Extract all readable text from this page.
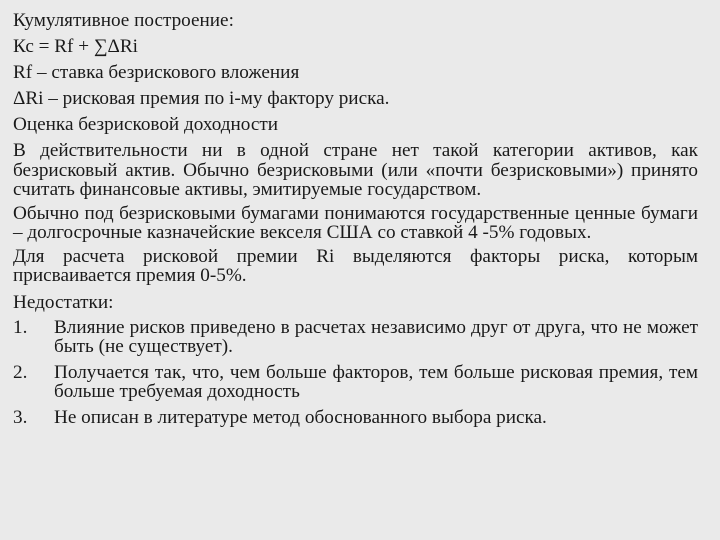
Кумулятивное построение:
Кс = Rf + ∑ΔRi
Rf – ставка безрискового вложения
ΔRi – рисковая премия по i-му фактору риска.
Оценка безрисковой доходности
В действительности ни в одной стране нет такой категории активов, как безрисковый актив. Обычно безрисковыми (или «почти безрисковыми») принято считать финансовые активы, эмитируемые государством.
Обычно под безрисковыми бумагами понимаются государственные ценные бумаги – долгосрочные казначейские векселя США со ставкой 4 -5% годовых.
Для расчета рисковой премии Ri выделяются факторы риска, которым присваивается премия 0-5%.
Недостатки:
1.	Влияние рисков приведено в расчетах независимо друг от друга, что не может быть (не существует).
2.	Получается так, что, чем больше факторов, тем больше рисковая премия, тем больше требуемая доходность
3.	Не описан в литературе метод обоснованного выбора риска.
